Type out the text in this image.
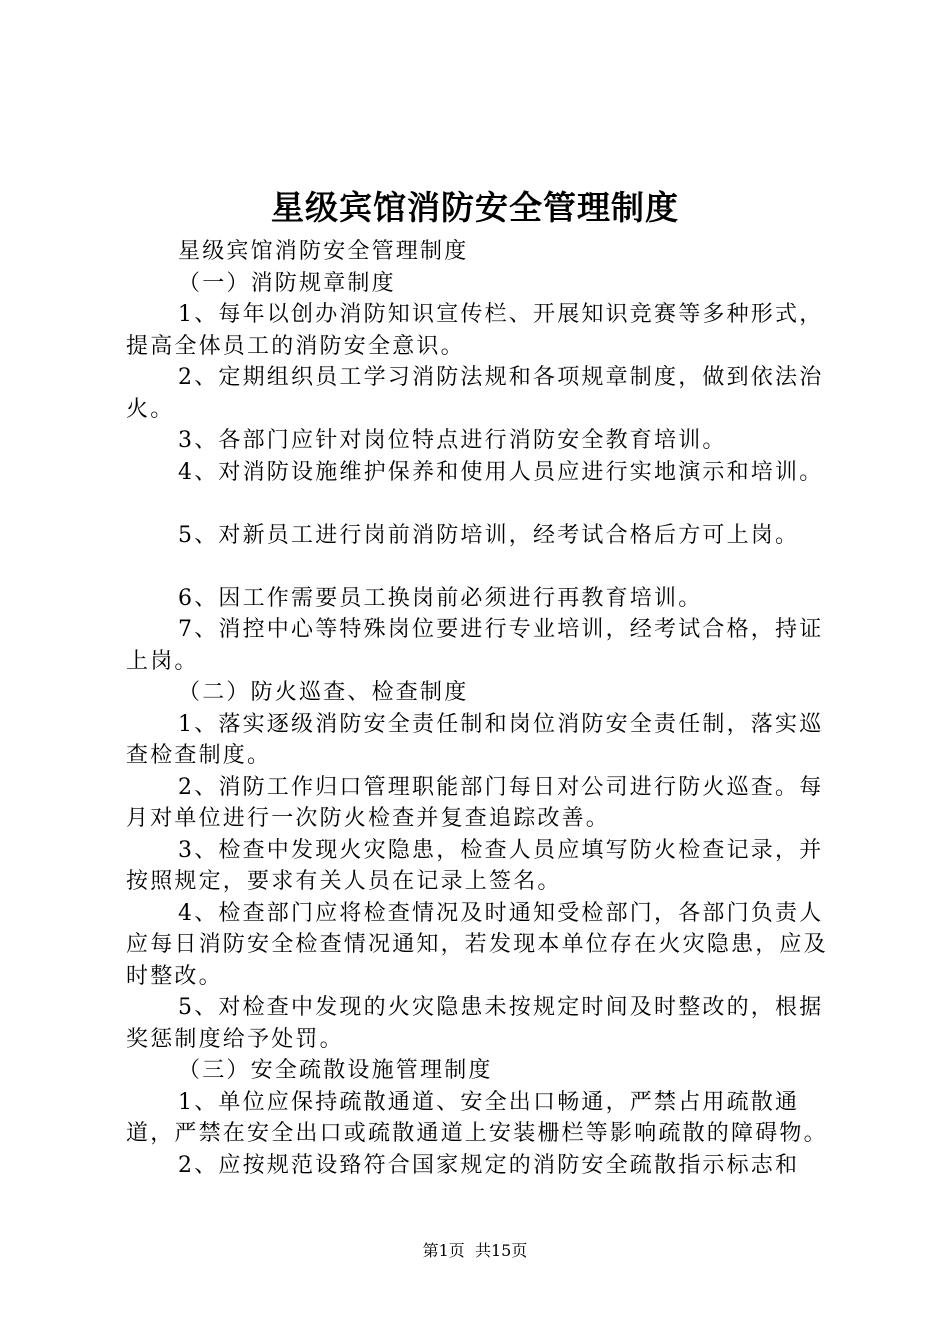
星级宾馆消防安全管理制度

星级宾馆消防安全管理制度

（一）消防规章制度

1、每年以创办消防知识宣传栏、开展知识竞赛等多种形式，提高全体员工的消防安全意识。

2、定期组织员工学习消防法规和各项规章制度，做到依法治火。

3、各部门应针对岗位特点进行消防安全教育培训。

4、对消防设施维护保养和使用人员应进行实地演示和培训。

5、对新员工进行岗前消防培训，经考试合格后方可上岗。

6、因工作需要员工换岗前必须进行再教育培训。

7、消控中心等特殊岗位要进行专业培训，经考试合格，持证上岗。

（二）防火巡查、检查制度

1、落实逐级消防安全责任制和岗位消防安全责任制，落实巡查检查制度。

2、消防工作归口管理职能部门每日对公司进行防火巡查。每月对单位进行一次防火检查并复查追踪改善。

3、检查中发现火灾隐患，检查人员应填写防火检查记录，并按照规定，要求有关人员在记录上签名。

4、检查部门应将检查情况及时通知受检部门，各部门负责人应每日消防安全检查情况通知，若发现本单位存在火灾隐患，应及时整改。

5、对检查中发现的火灾隐患未按规定时间及时整改的，根据奖惩制度给予处罚。

（三）安全疏散设施管理制度

1、单位应保持疏散通道、安全出口畅通，严禁占用疏散通道，严禁在安全出口或疏散通道上安装栅栏等影响疏散的障碍物。

2、应按规范设臵符合国家规定的消防安全疏散指示标志和

第1页 共15页
